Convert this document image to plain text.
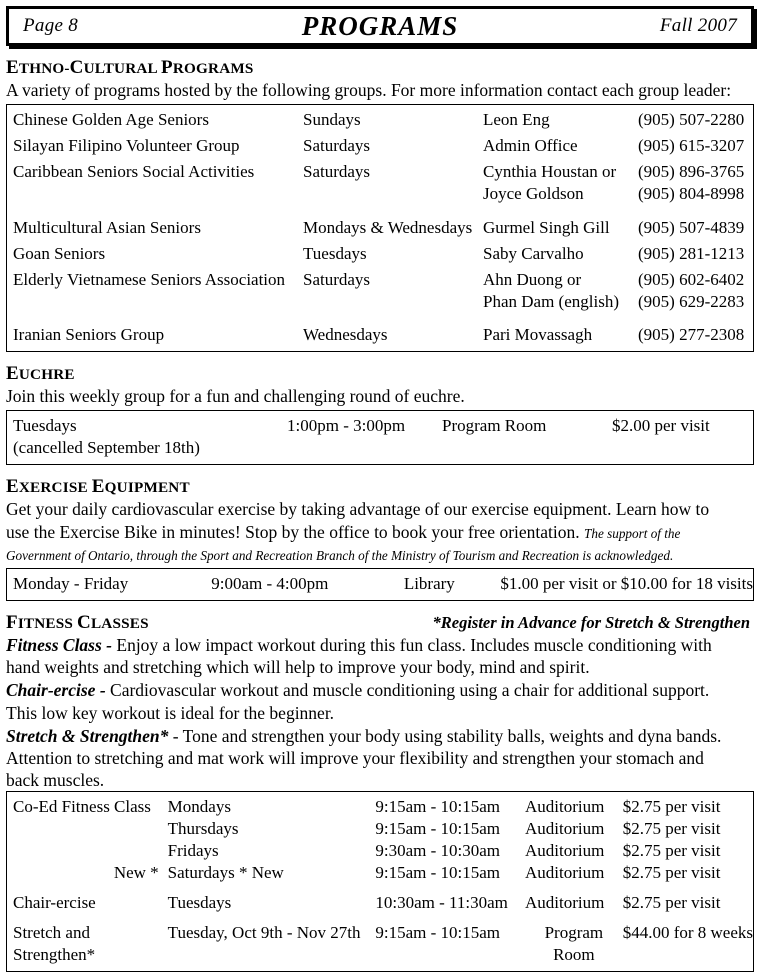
Page 8	PROGRAMS	Fall 2007
ETHNO-CULTURAL PROGRAMS

A variety of programs hosted by the following groups. For more information contact each group leader:

Chinese Golden Age Seniors	Sundays	Leon Eng	(905) 507-2280
Silayan Filipino Volunteer Group	Saturdays	Admin Office	(905) 615-3207
Caribbean Seniors Social Activities	Saturdays	Cynthia Houstan or	(905) 896-3765
		Joyce Goldson	(905) 804-8998

Multicultural Asian Seniors	Mondays & Wednesdays	Gurmel Singh Gill	(905) 507-4839
Goan Seniors	Tuesdays	Saby Carvalho	(905) 281-1213
Elderly Vietnamese Seniors Association	Saturdays	Ahn Duong or	(905) 602-6402
		Phan Dam (english)	(905) 629-2283

Iranian Seniors Group	Wednesdays	Pari Movassagh	(905) 277-2308
EUCHRE

Join this weekly group for a fun and challenging round of euchre.

Tuesdays	1:00pm - 3:00pm	Program Room	$2.00 per visit
(cancelled September 18th)			
EXERCISE EQUIPMENT

Get your daily cardiovascular exercise by taking advantage of our exercise equipment. Learn how to use the Exercise Bike in minutes! Stop by the office to book your free orientation. The support of the Government of Ontario, through the Sport and Recreation Branch of the Ministry of Tourism and Recreation is acknowledged.

Monday - Friday	9:00am - 4:00pm	Library	$1.00 per visit or $10.00 for 18 visits
FITNESS CLASSES	*Register in Advance for Stretch & Strengthen

Fitness Class - Enjoy a low impact workout during this fun class. Includes muscle conditioning with hand weights and stretching which will help to improve your body, mind and spirit.

Chair-ercise - Cardiovascular workout and muscle conditioning using a chair for additional support. This low key workout is ideal for the beginner.

Stretch & Strengthen* - Tone and strengthen your body using stability balls, weights and dyna bands. Attention to stretching and mat work will improve your flexibility and strengthen your stomach and back muscles.

Co-Ed Fitness Class	Mondays	9:15am - 10:15am	Auditorium	$2.75 per visit
	Thursdays	9:15am - 10:15am	Auditorium	$2.75 per visit
	Fridays	9:30am - 10:30am	Auditorium	$2.75 per visit
New *	Saturdays * New	9:15am - 10:15am	Auditorium	$2.75 per visit

Chair-ercise	Tuesdays	10:30am - 11:30am	Auditorium	$2.75 per visit

Stretch and	Tuesday, Oct 9th - Nov 27th	9:15am - 10:15am	Program	$44.00 for 8 weeks
Strengthen*			Room	
